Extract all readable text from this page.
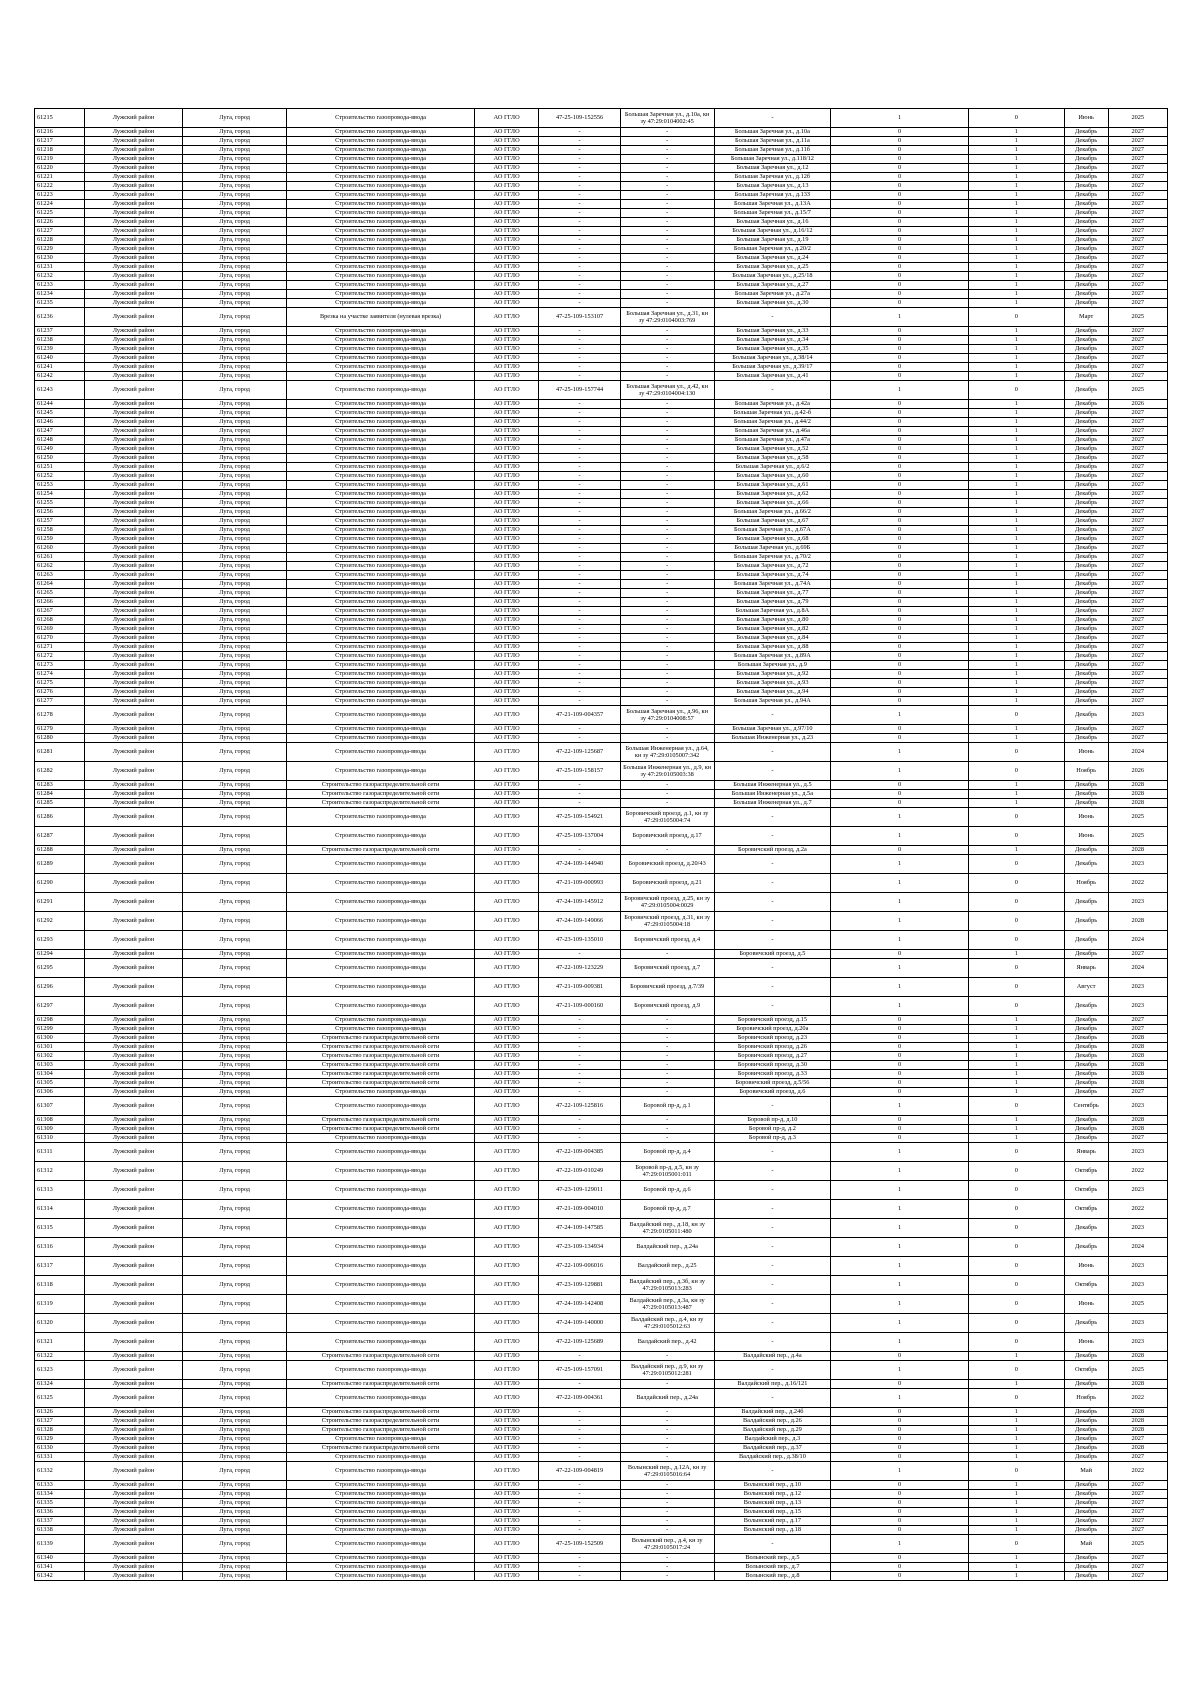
61215	Лужский район	Луга, город	Строительство газопровода-ввода	АО ГГЛО	47-25-109-152556	Большая Заречная ул., д.10а, кн зу 47:29:0104002:45	-	1	0	Июнь	2025
61216	Лужский район	Луга, город	Строительство газопровода-ввода	АО ГГЛО	-	-	Большая Заречная ул., д.10а	0	1	Декабрь	2027
61217	Лужский район	Луга, город	Строительство газопровода-ввода	АО ГГЛО	-	-	Большая Заречная ул., д.11а	0	1	Декабрь	2027
61218	Лужский район	Луга, город	Строительство газопровода-ввода	АО ГГЛО	-	-	Большая Заречная ул., д.11б	0	1	Декабрь	2027
61219	Лужский район	Луга, город	Строительство газопровода-ввода	АО ГГЛО	-	-	Большая Заречная ул., д.118/12	0	1	Декабрь	2027
61220	Лужский район	Луга, город	Строительство газопровода-ввода	АО ГГЛО	-	-	Большая Заречная ул., д.12	0	1	Декабрь	2027
61221	Лужский район	Луга, город	Строительство газопровода-ввода	АО ГГЛО	-	-	Большая Заречная ул., д.12б	0	1	Декабрь	2027
61222	Лужский район	Луга, город	Строительство газопровода-ввода	АО ГГЛО	-	-	Большая Заречная ул., д.13	0	1	Декабрь	2027
61223	Лужский район	Луга, город	Строительство газопровода-ввода	АО ГГЛО	-	-	Большая Заречная ул., д.13З	0	1	Декабрь	2027
61224	Лужский район	Луга, город	Строительство газопровода-ввода	АО ГГЛО	-	-	Большая Заречная ул., д.13А	0	1	Декабрь	2027
61225	Лужский район	Луга, город	Строительство газопровода-ввода	АО ГГЛО	-	-	Большая Заречная ул., д.15/7	0	1	Декабрь	2027
61226	Лужский район	Луга, город	Строительство газопровода-ввода	АО ГГЛО	-	-	Большая Заречная ул., д.16	0	1	Декабрь	2027
61227	Лужский район	Луга, город	Строительство газопровода-ввода	АО ГГЛО	-	-	Большая Заречная ул., д.16/12	0	1	Декабрь	2027
61228	Лужский район	Луга, город	Строительство газопровода-ввода	АО ГГЛО	-	-	Большая Заречная ул., д.19	0	1	Декабрь	2027
61229	Лужский район	Луга, город	Строительство газопровода-ввода	АО ГГЛО	-	-	Большая Заречная ул., д.20/2	0	1	Декабрь	2027
61230	Лужский район	Луга, город	Строительство газопровода-ввода	АО ГГЛО	-	-	Большая Заречная ул., д.24	0	1	Декабрь	2027
61231	Лужский район	Луга, город	Строительство газопровода-ввода	АО ГГЛО	-	-	Большая Заречная ул., д.25	0	1	Декабрь	2027
61232	Лужский район	Луга, город	Строительство газопровода-ввода	АО ГГЛО	-	-	Большая Заречная ул., д.25/18	0	1	Декабрь	2027
61233	Лужский район	Луга, город	Строительство газопровода-ввода	АО ГГЛО	-	-	Большая Заречная ул., д.27	0	1	Декабрь	2027
61234	Лужский район	Луга, город	Строительство газопровода-ввода	АО ГГЛО	-	-	Большая Заречная ул., д.27а	0	1	Декабрь	2027
61235	Лужский район	Луга, город	Строительство газопровода-ввода	АО ГГЛО	-	-	Большая Заречная ул., д.30	0	1	Декабрь	2027
61236	Лужский район	Луга, город	Врезка на участке заявителя (нулевая врезка)	АО ГГЛО	47-25-109-153107	Большая Заречная ул., д.31, кн зу 47:29:0104003:769	-	1	0	Март	2025
61237	Лужский район	Луга, город	Строительство газопровода-ввода	АО ГГЛО	-	-	Большая Заречная ул., д.33	0	1	Декабрь	2027
61238	Лужский район	Луга, город	Строительство газопровода-ввода	АО ГГЛО	-	-	Большая Заречная ул., д.34	0	1	Декабрь	2027
61239	Лужский район	Луга, город	Строительство газопровода-ввода	АО ГГЛО	-	-	Большая Заречная ул., д.35	0	1	Декабрь	2027
61240	Лужский район	Луга, город	Строительство газопровода-ввода	АО ГГЛО	-	-	Большая Заречная ул., д.38/14	0	1	Декабрь	2027
61241	Лужский район	Луга, город	Строительство газопровода-ввода	АО ГГЛО	-	-	Большая Заречная ул., д.39/17	0	1	Декабрь	2027
61242	Лужский район	Луга, город	Строительство газопровода-ввода	АО ГГЛО	-	-	Большая Заречная ул., д.41	0	1	Декабрь	2027
61243	Лужский район	Луга, город	Строительство газопровода-ввода	АО ГГЛО	47-25-109-157744	Большая Заречная ул., д.42, кн зу 47:29:0104004:130	-	1	0	Декабрь	2025
61244	Лужский район	Луга, город	Строительство газопровода-ввода	АО ГГЛО	-	-	Большая Заречная ул., д.42а	0	1	Декабрь	2026
61245	Лужский район	Луга, город	Строительство газопровода-ввода	АО ГГЛО	-	-	Большая Заречная ул., д.42-б	0	1	Декабрь	2027
61246	Лужский район	Луга, город	Строительство газопровода-ввода	АО ГГЛО	-	-	Большая Заречная ул., д.44/2	0	1	Декабрь	2027
61247	Лужский район	Луга, город	Строительство газопровода-ввода	АО ГГЛО	-	-	Большая Заречная ул., д.46а	0	1	Декабрь	2027
61248	Лужский район	Луга, город	Строительство газопровода-ввода	АО ГГЛО	-	-	Большая Заречная ул., д.47а	0	1	Декабрь	2027
61249	Лужский район	Луга, город	Строительство газопровода-ввода	АО ГГЛО	-	-	Большая Заречная ул., д.52	0	1	Декабрь	2027
61250	Лужский район	Луга, город	Строительство газопровода-ввода	АО ГГЛО	-	-	Большая Заречная ул., д.58	0	1	Декабрь	2027
61251	Лужский район	Луга, город	Строительство газопровода-ввода	АО ГГЛО	-	-	Большая Заречная ул., д.6/2	0	1	Декабрь	2027
61252	Лужский район	Луга, город	Строительство газопровода-ввода	АО ГГЛО	-	-	Большая Заречная ул., д.60	0	1	Декабрь	2027
61253	Лужский район	Луга, город	Строительство газопровода-ввода	АО ГГЛО	-	-	Большая Заречная ул., д.61	0	1	Декабрь	2027
61254	Лужский район	Луга, город	Строительство газопровода-ввода	АО ГГЛО	-	-	Большая Заречная ул., д.62	0	1	Декабрь	2027
61255	Лужский район	Луга, город	Строительство газопровода-ввода	АО ГГЛО	-	-	Большая Заречная ул., д.66	0	1	Декабрь	2027
61256	Лужский район	Луга, город	Строительство газопровода-ввода	АО ГГЛО	-	-	Большая Заречная ул., д.66/2	0	1	Декабрь	2027
61257	Лужский район	Луга, город	Строительство газопровода-ввода	АО ГГЛО	-	-	Большая Заречная ул., д.67	0	1	Декабрь	2027
61258	Лужский район	Луга, город	Строительство газопровода-ввода	АО ГГЛО	-	-	Большая Заречная ул., д.67А	0	1	Декабрь	2027
61259	Лужский район	Луга, город	Строительство газопровода-ввода	АО ГГЛО	-	-	Большая Заречная ул., д.68	0	1	Декабрь	2027
61260	Лужский район	Луга, город	Строительство газопровода-ввода	АО ГГЛО	-	-	Большая Заречная ул., д.69Б	0	1	Декабрь	2027
61261	Лужский район	Луга, город	Строительство газопровода-ввода	АО ГГЛО	-	-	Большая Заречная ул., д.70/2	0	1	Декабрь	2027
61262	Лужский район	Луга, город	Строительство газопровода-ввода	АО ГГЛО	-	-	Большая Заречная ул., д.72	0	1	Декабрь	2027
61263	Лужский район	Луга, город	Строительство газопровода-ввода	АО ГГЛО	-	-	Большая Заречная ул., д.74	0	1	Декабрь	2027
61264	Лужский район	Луга, город	Строительство газопровода-ввода	АО ГГЛО	-	-	Большая Заречная ул., д.74А	0	1	Декабрь	2027
61265	Лужский район	Луга, город	Строительство газопровода-ввода	АО ГГЛО	-	-	Большая Заречная ул., д.77	0	1	Декабрь	2027
61266	Лужский район	Луга, город	Строительство газопровода-ввода	АО ГГЛО	-	-	Большая Заречная ул., д.79	0	1	Декабрь	2027
61267	Лужский район	Луга, город	Строительство газопровода-ввода	АО ГГЛО	-	-	Большая Заречная ул., д.8А	0	1	Декабрь	2027
61268	Лужский район	Луга, город	Строительство газопровода-ввода	АО ГГЛО	-	-	Большая Заречная ул., д.80	0	1	Декабрь	2027
61269	Лужский район	Луга, город	Строительство газопровода-ввода	АО ГГЛО	-	-	Большая Заречная ул., д.82	0	1	Декабрь	2027
61270	Лужский район	Луга, город	Строительство газопровода-ввода	АО ГГЛО	-	-	Большая Заречная ул., д.84	0	1	Декабрь	2027
61271	Лужский район	Луга, город	Строительство газопровода-ввода	АО ГГЛО	-	-	Большая Заречная ул., д.88	0	1	Декабрь	2027
61272	Лужский район	Луга, город	Строительство газопровода-ввода	АО ГГЛО	-	-	Большая Заречная ул., д.89А	0	1	Декабрь	2027
61273	Лужский район	Луга, город	Строительство газопровода-ввода	АО ГГЛО	-	-	Большая Заречная ул., д.9	0	1	Декабрь	2027
61274	Лужский район	Луга, город	Строительство газопровода-ввода	АО ГГЛО	-	-	Большая Заречная ул., д.92	0	1	Декабрь	2027
61275	Лужский район	Луга, город	Строительство газопровода-ввода	АО ГГЛО	-	-	Большая Заречная ул., д.93	0	1	Декабрь	2027
61276	Лужский район	Луга, город	Строительство газопровода-ввода	АО ГГЛО	-	-	Большая Заречная ул., д.94	0	1	Декабрь	2027
61277	Лужский район	Луга, город	Строительство газопровода-ввода	АО ГГЛО	-	-	Большая Заречная ул., д.94А	0	1	Декабрь	2027
61278	Лужский район	Луга, город	Строительство газопровода-ввода	АО ГГЛО	47-21-109-004357	Большая Заречная ул., д.96, кн зу 47:29:0104008:57	-	1	0	Декабрь	2023
61279	Лужский район	Луга, город	Строительство газопровода-ввода	АО ГГЛО	-	-	Большая Заречная ул., д.97/10	0	1	Декабрь	2027
61280	Лужский район	Луга, город	Строительство газопровода-ввода	АО ГГЛО	-	-	Большая Инженерная ул., д.23	0	1	Декабрь	2027
61281	Лужский район	Луга, город	Строительство газопровода-ввода	АО ГГЛО	47-22-109-125687	Большая Инженерная ул., д.64, кн зу 47:29:0105007:342	-	1	0	Июнь	2024
61282	Лужский район	Луга, город	Строительство газопровода-ввода	АО ГГЛО	47-25-109-158157	Большая Инженерная ул., д.9, кн зу 47:29:0105003:38	-	1	0	Ноябрь	2026
61283	Лужский район	Луга, город	Строительство газораспределительной сети	АО ГГЛО	-	-	Большая Инженерная ул., д.5	0	1	Декабрь	2028
61284	Лужский район	Луга, город	Строительство газораспределительной сети	АО ГГЛО	-	-	Большая Инженерная ул., д.5а	0	1	Декабрь	2028
61285	Лужский район	Луга, город	Строительство газораспределительной сети	АО ГГЛО	-	-	Большая Инженерная ул., д.7	0	1	Декабрь	2028
61286	Лужский район	Луга, город	Строительство газопровода-ввода	АО ГГЛО	47-25-109-154921	Боровичский проезд, д.1, кн зу 47:29:0105004:74	-	1	0	Июнь	2025
61287	Лужский район	Луга, город	Строительство газопровода-ввода	АО ГГЛО	47-25-109-137004	Боровичский проезд, д.17	-	1	0	Июнь	2025
61288	Лужский район	Луга, город	Строительство газораспределительной сети	АО ГГЛО	-	-	Боровичский проезд, д.2а	0	1	Декабрь	2028
61289	Лужский район	Луга, город	Строительство газопровода-ввода	АО ГГЛО	47-24-109-144940	Боровичский проезд, д.20/43	-	1	0	Декабрь	2023
61290	Лужский район	Луга, город	Строительство газопровода-ввода	АО ГГЛО	47-21-109-000993	Боровичский проезд, д.21	-	1	0	Ноябрь	2022
61291	Лужский район	Луга, город	Строительство газопровода-ввода	АО ГГЛО	47-24-109-145912	Боровичский проезд, д.25, кн зу 47:29:0105004:0029	-	1	0	Декабрь	2023
61292	Лужский район	Луга, город	Строительство газопровода-ввода	АО ГГЛО	47-24-109-149066	Боровичский проезд, д.31, кн зу 47:29:0105004:18	-	1	0	Декабрь	2028
61293	Лужский район	Луга, город	Строительство газопровода-ввода	АО ГГЛО	47-23-109-135010	Боровичский проезд, д.4	-	1	0	Декабрь	2024
61294	Лужский район	Луга, город	Строительство газопровода-ввода	АО ГГЛО	-	-	Боровичский проезд, д.5	0	1	Декабрь	2027
61295	Лужский район	Луга, город	Строительство газопровода-ввода	АО ГГЛО	47-22-109-123229	Боровичский проезд, д.7	-	1	0	Январь	2024
61296	Лужский район	Луга, город	Строительство газопровода-ввода	АО ГГЛО	47-21-109-009381	Боровичский проезд, д.7/39	-	1	0	Август	2023
61297	Лужский район	Луга, город	Строительство газопровода-ввода	АО ГГЛО	47-21-109-000160	Боровичский проезд, д.9	-	1	0	Декабрь	2023
61298	Лужский район	Луга, город	Строительство газопровода-ввода	АО ГГЛО	-	-	Боровичский проезд, д.15	0	1	Декабрь	2027
61299	Лужский район	Луга, город	Строительство газопровода-ввода	АО ГГЛО	-	-	Боровичский проезд, д.20а	0	1	Декабрь	2027
61300	Лужский район	Луга, город	Строительство газораспределительной сети	АО ГГЛО	-	-	Боровичский проезд, д.23	0	1	Декабрь	2028
61301	Лужский район	Луга, город	Строительство газораспределительной сети	АО ГГЛО	-	-	Боровичский проезд, д.26	0	1	Декабрь	2028
61302	Лужский район	Луга, город	Строительство газораспределительной сети	АО ГГЛО	-	-	Боровичский проезд, д.27	0	1	Декабрь	2028
61303	Лужский район	Луга, город	Строительство газораспределительной сети	АО ГГЛО	-	-	Боровичский проезд, д.30	0	1	Декабрь	2028
61304	Лужский район	Луга, город	Строительство газораспределительной сети	АО ГГЛО	-	-	Боровичский проезд, д.33	0	1	Декабрь	2028
61305	Лужский район	Луга, город	Строительство газораспределительной сети	АО ГГЛО	-	-	Боровичский проезд, д.5/56	0	1	Декабрь	2028
61306	Лужский район	Луга, город	Строительство газопровода-ввода	АО ГГЛО	-	-	Боровичский проезд, д.6	0	1	Декабрь	2027
61307	Лужский район	Луга, город	Строительство газопровода-ввода	АО ГГЛО	47-22-109-125816	Боровой пр-д, д.1	-	1	0	Сентябрь	2023
61308	Лужский район	Луга, город	Строительство газораспределительной сети	АО ГГЛО	-	-	Боровой пр-д, д.10	0	1	Декабрь	2028
61309	Лужский район	Луга, город	Строительство газораспределительной сети	АО ГГЛО	-	-	Боровой пр-д, д.2	0	1	Декабрь	2028
61310	Лужский район	Луга, город	Строительство газопровода-ввода	АО ГГЛО	-	-	Боровой пр-д, д.3	0	1	Декабрь	2027
61311	Лужский район	Луга, город	Строительство газопровода-ввода	АО ГГЛО	47-22-109-004385	Боровой пр-д, д.4	-	1	0	Январь	2023
61312	Лужский район	Луга, город	Строительство газопровода-ввода	АО ГГЛО	47-22-109-010249	Боровой пр-д, д.5, кн зу 47:29:0105001:011	-	1	0	Октябрь	2022
61313	Лужский район	Луга, город	Строительство газопровода-ввода	АО ГГЛО	47-23-109-129011	Боровой пр-д, д.6	-	1	0	Октябрь	2023
61314	Лужский район	Луга, город	Строительство газопровода-ввода	АО ГГЛО	47-21-109-004010	Боровой пр-д, д.7	-	1	0	Октябрь	2022
61315	Лужский район	Луга, город	Строительство газопровода-ввода	АО ГГЛО	47-24-109-147585	Валдайский пер., д.18, кн зу 47:29:0105011:480	-	1	0	Декабрь	2023
61316	Лужский район	Луга, город	Строительство газопровода-ввода	АО ГГЛО	47-23-109-134934	Валдайский пер., д.24а	-	1	0	Декабрь	2024
61317	Лужский район	Луга, город	Строительство газопровода-ввода	АО ГГЛО	47-22-109-006016	Валдайский пер., д.25	-	1	0	Июнь	2023
61318	Лужский район	Луга, город	Строительство газопровода-ввода	АО ГГЛО	47-23-109-129881	Валдайский пер., д.3б, кн зу 47:29:0105013:283	-	1	0	Октябрь	2023
61319	Лужский район	Луга, город	Строительство газопровода-ввода	АО ГГЛО	47-24-109-142408	Валдайский пер., д.3а, кн зу 47:29:0105013:487	-	1	0	Июнь	2025
61320	Лужский район	Луга, город	Строительство газопровода-ввода	АО ГГЛО	47-24-109-140000	Валдайский пер., д.4, кн зу 47:29:0105012:63	-	1	0	Декабрь	2023
61321	Лужский район	Луга, город	Строительство газопровода-ввода	АО ГГЛО	47-22-109-125689	Валдайский пер., д.42	-	1	0	Июнь	2023
61322	Лужский район	Луга, город	Строительство газораспределительной сети	АО ГГЛО	-	-	Валдайский пер., д.4а	0	1	Декабрь	2028
61323	Лужский район	Луга, город	Строительство газопровода-ввода	АО ГГЛО	47-25-109-157091	Валдайский пер., д.9, кн зу 47:29:0105012:281	-	1	0	Октябрь	2025
61324	Лужский район	Луга, город	Строительство газораспределительной сети	АО ГГЛО	-	-	Валдайский пер., д.16/121	0	1	Декабрь	2028
61325	Лужский район	Луга, город	Строительство газопровода-ввода	АО ГГЛО	47-22-109-004361	Валдайский пер., д.24а	-	1	0	Ноябрь	2022
61326	Лужский район	Луга, город	Строительство газораспределительной сети	АО ГГЛО	-	-	Валдайский пер., д.24б	0	1	Декабрь	2028
61327	Лужский район	Луга, город	Строительство газораспределительной сети	АО ГГЛО	-	-	Валдайский пер., д.26	0	1	Декабрь	2028
61328	Лужский район	Луга, город	Строительство газораспределительной сети	АО ГГЛО	-	-	Валдайский пер., д.29	0	1	Декабрь	2028
61329	Лужский район	Луга, город	Строительство газопровода-ввода	АО ГГЛО	-	-	Валдайский пер., д.3	0	1	Декабрь	2027
61330	Лужский район	Луга, город	Строительство газораспределительной сети	АО ГГЛО	-	-	Валдайский пер., д.37	0	1	Декабрь	2028
61331	Лужский район	Луга, город	Строительство газопровода-ввода	АО ГГЛО	-	-	Валдайский пер., д.38/10	0	1	Декабрь	2027
61332	Лужский район	Луга, город	Строительство газопровода-ввода	АО ГГЛО	47-22-109-004819	Волынский пер., д.12А, кн зу 47:29:0105016:64	-	1	0	Май	2022
61333	Лужский район	Луга, город	Строительство газопровода-ввода	АО ГГЛО	-	-	Волынский пер., д.10	0	1	Декабрь	2027
61334	Лужский район	Луга, город	Строительство газопровода-ввода	АО ГГЛО	-	-	Волынский пер., д.12	0	1	Декабрь	2027
61335	Лужский район	Луга, город	Строительство газопровода-ввода	АО ГГЛО	-	-	Волынский пер., д.13	0	1	Декабрь	2027
61336	Лужский район	Луга, город	Строительство газопровода-ввода	АО ГГЛО	-	-	Волынский пер., д.15	0	1	Декабрь	2027
61337	Лужский район	Луга, город	Строительство газопровода-ввода	АО ГГЛО	-	-	Волынский пер., д.17	0	1	Декабрь	2027
61338	Лужский район	Луга, город	Строительство газопровода-ввода	АО ГГЛО	-	-	Волынский пер., д.18	0	1	Декабрь	2027
61339	Лужский район	Луга, город	Строительство газопровода-ввода	АО ГГЛО	47-25-109-152509	Волынский пер., д.4, кн зу 47:29:0105017:24	-	1	0	Май	2025
61340	Лужский район	Луга, город	Строительство газопровода-ввода	АО ГГЛО	-	-	Волынский пер., д.5	0	1	Декабрь	2027
61341	Лужский район	Луга, город	Строительство газопровода-ввода	АО ГГЛО	-	-	Волынский пер., д.7	0	1	Декабрь	2027
61342	Лужский район	Луга, город	Строительство газопровода-ввода	АО ГГЛО	-	-	Волынский пер., д.8	0	1	Декабрь	2027
